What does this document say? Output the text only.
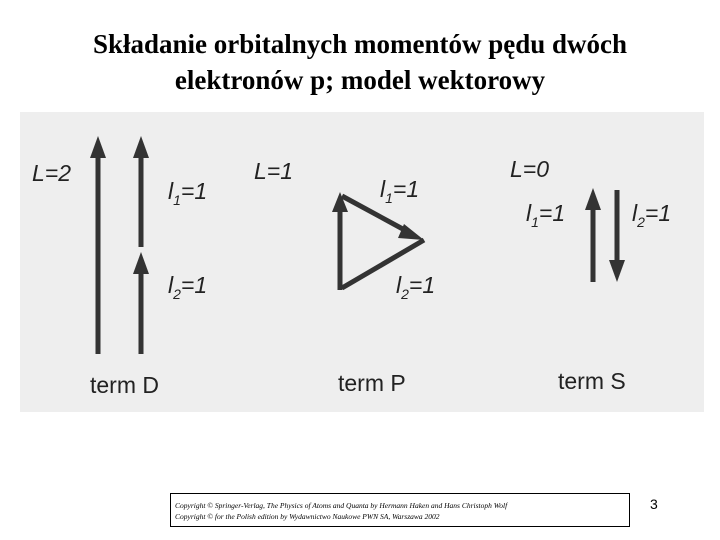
Składanie orbitalnych momentów pędu dwóch
elektronów p; model wektorowy
L=2
$l_1=1$
$l_2=1$
term D
L=1
$l_1=1$
$l_2=1$
term P
L=0
$l_1=1$	$l_2=1$
term S
Copyright © Springer-Verlag, The Physics of Atoms and Quanta by Hermann Haken and Hans Christoph Wolf
Copyright © for the Polish edition by Wydawnictwo Naukowe PWN SA, Warszawa 2002
3
